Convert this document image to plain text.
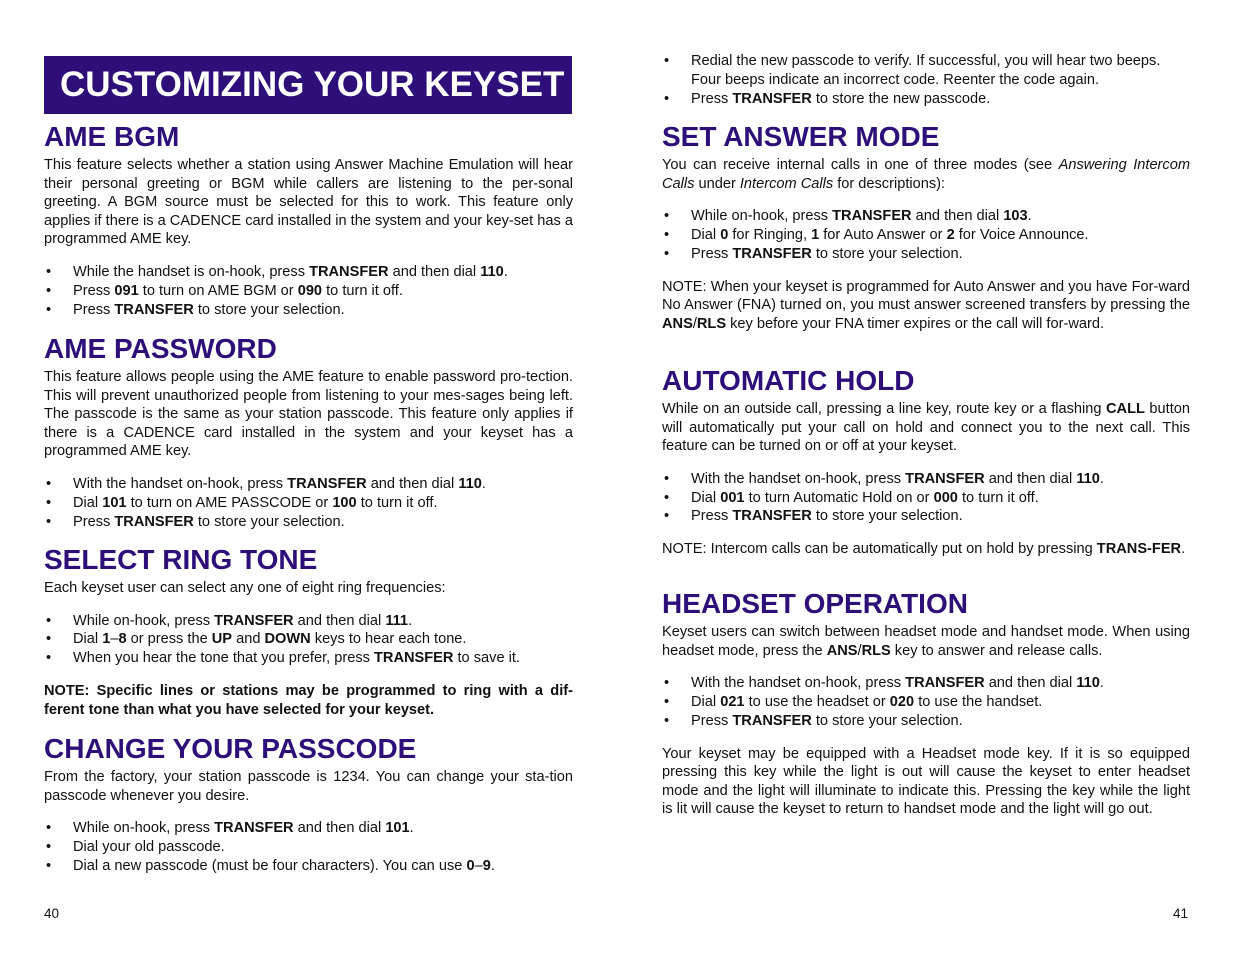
CUSTOMIZING YOUR KEYSET
AME BGM

This feature selects whether a station using Answer Machine Emulation will hear their personal greeting or BGM while callers are listening to the per-sonal greeting. A BGM source must be selected for this to work. This feature only applies if there is a CADENCE card installed in the system and your key-set has a programmed AME key.

• While the handset is on-hook, press TRANSFER and then dial 110.
• Press 091 to turn on AME BGM or 090 to turn it off.
• Press TRANSFER to store your selection.
AME PASSWORD

This feature allows people using the AME feature to enable password pro-tection. This will prevent unauthorized people from listening to your mes-sages being left. The passcode is the same as your station passcode. This feature only applies if there is a CADENCE card installed in the system and your keyset has a programmed AME key.

• With the handset on-hook, press TRANSFER and then dial 110.
• Dial 101 to turn on AME PASSCODE or 100 to turn it off.
• Press TRANSFER to store your selection.
SELECT RING TONE

Each keyset user can select any one of eight ring frequencies:

• While on-hook, press TRANSFER and then dial 111.
• Dial 1–8 or press the UP and DOWN keys to hear each tone.
• When you hear the tone that you prefer, press TRANSFER to save it.

NOTE: Specific lines or stations may be programmed to ring with a dif-ferent tone than what you have selected for your keyset.

CHANGE YOUR PASSCODE

From the factory, your station passcode is 1234. You can change your sta-tion passcode whenever you desire.

• While on-hook, press TRANSFER and then dial 101.
• Dial your old passcode.
• Dial a new passcode (must be four characters). You can use 0–9.
40
• Redial the new passcode to verify. If successful, you will hear two beeps. Four beeps indicate an incorrect code. Reenter the code again.
• Press TRANSFER to store the new passcode.
SET ANSWER MODE

You can receive internal calls in one of three modes (see Answering Intercom Calls under Intercom Calls for descriptions):

• While on-hook, press TRANSFER and then dial 103.
• Dial 0 for Ringing, 1 for Auto Answer or 2 for Voice Announce.
• Press TRANSFER to store your selection.

NOTE: When your keyset is programmed for Auto Answer and you have For-ward No Answer (FNA) turned on, you must answer screened transfers by pressing the ANS/RLS key before your FNA timer expires or the call will for-ward.

AUTOMATIC HOLD

While on an outside call, pressing a line key, route key or a flashing CALL button will automatically put your call on hold and connect you to the next call. This feature can be turned on or off at your keyset.

• With the handset on-hook, press TRANSFER and then dial 110.
• Dial 001 to turn Automatic Hold on or 000 to turn it off.
• Press TRANSFER to store your selection.

NOTE: Intercom calls can be automatically put on hold by pressing TRANS-FER.

HEADSET OPERATION

Keyset users can switch between headset mode and handset mode. When using headset mode, press the ANS/RLS key to answer and release calls.

• With the handset on-hook, press TRANSFER and then dial 110.
• Dial 021 to use the headset or 020 to use the handset.
• Press TRANSFER to store your selection.

Your keyset may be equipped with a Headset mode key. If it is so equipped pressing this key while the light is out will cause the keyset to enter headset mode and the light will illuminate to indicate this. Pressing the key while the light is lit will cause the keyset to return to handset mode and the light will go out.

41
